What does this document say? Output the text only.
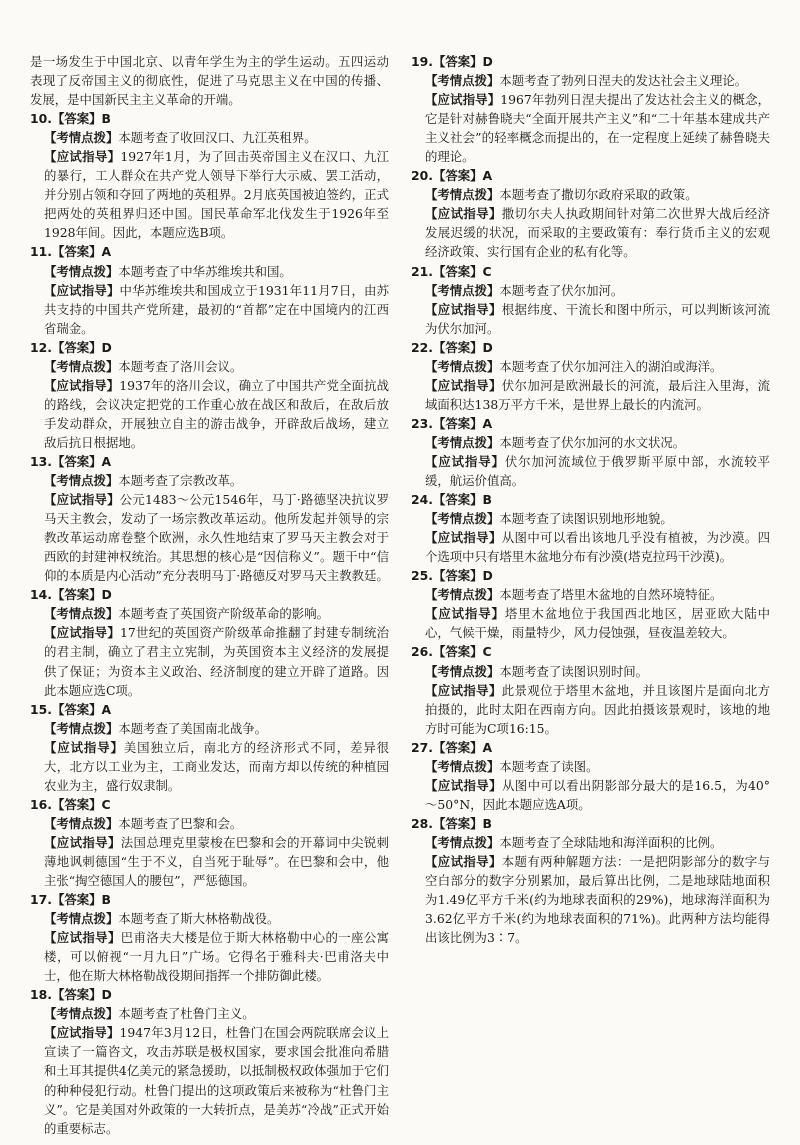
是一场发生于中国北京、以青年学生为主的学生运动。五四运动表现了反帝国主义的彻底性，促进了马克思主义在中国的传播、发展，是中国新民主主义革命的开端。

10. 【 答案 】 B

【 考情点拨 】 本题考查了收回汉口、九江英租界。

【 应试指导 】 1927年1月，为了回击英帝国主义在汉口、九江的暴行，工人群众在共产党人领导下举行大示威、罢工活动，并分别占领和夺回了两地的英租界。2月底英国被迫签约，正式把两处的英租界归还中国。国民革命军北伐发生于1926年至1928年间。因此，本题应选B项。

11. 【 答案 】 A

【 考情点拨 】 本题考查了中华苏维埃共和国。

【 应试指导 】 中华苏维埃共和国成立于1931年11月7日，由苏共支持的中国共产党所建，最初的“首都”定在中国境内的江西省瑞金。

12. 【 答案 】 D

【 考情点拨 】 本题考查了洛川会议。

【 应试指导 】 1937年的洛川会议，确立了中国共产党全面抗战的路线，会议决定把党的工作重心放在战区和敌后，在敌后放手发动群众，开展独立自主的游击战争，开辟敌后战场，建立敌后抗日根据地。

13. 【 答案 】 A

【 考情点拨 】 本题考查了宗教改革。

【 应试指导 】 公元1483～公元1546年，马丁·路德坚决抗议罗马天主教会，发动了一场宗教改革运动。他所发起并领导的宗教改革运动席卷整个欧洲，永久性地结束了罗马天主教会对于西欧的封建神权统治。其思想的核心是“因信称义”。题干中“信仰的本质是内心活动”充分表明马丁·路德反对罗马天主教教廷。

14. 【 答案 】 D

【 考情点拨 】 本题考查了英国资产阶级革命的影响。

【 应试指导 】 17世纪的英国资产阶级革命推翻了封建专制统治的君主制，确立了君主立宪制，为英国资本主义经济的发展提供了保证；为资本主义政治、经济制度的建立开辟了道路。因此本题应选C项。

15. 【 答案 】 A

【 考情点拨 】 本题考查了美国南北战争。

【 应试指导 】 美国独立后，南北方的经济形式不同，差异很大，北方以工业为主，工商业发达，而南方却以传统的种植园农业为主，盛行奴隶制。

16. 【 答案 】 C

【 考情点拨 】 本题考查了巴黎和会。

【 应试指导 】 法国总理克里蒙梭在巴黎和会的开幕词中尖锐刺薄地讽刺德国“生于不义，自当死于耻辱”。在巴黎和会中，他主张“掏空德国人的腰包”，严惩德国。

17. 【 答案 】 B

【 考情点拨 】 本题考查了斯大林格勒战役。

【 应试指导 】 巴甫洛夫大楼是位于斯大林格勒中心的一座公寓楼，可以俯视“一月九日”广场。它得名于雅科夫·巴甫洛夫中士，他在斯大林格勒战役期间指挥一个排防御此楼。

18. 【 答案 】 D

【 考情点拨 】 本题考查了杜鲁门主义。

【 应试指导 】 1947年3月12日，杜鲁门在国会两院联席会议上宣读了一篇咨文，攻击苏联是极权国家，要求国会批准向希腊和土耳其提供4亿美元的紧急援助，以抵制极权政体强加于它们的种种侵犯行动。杜鲁门提出的这项政策后来被称为“杜鲁门主义”。它是美国对外政策的一大转折点，是美苏“冷战”正式开始的重要标志。

19. 【 答案 】 D

【 考情点拨 】 本题考查了勃列日涅夫的发达社会主义理论。

【 应试指导 】 1967年勃列日涅夫提出了发达社会主义的概念，它是针对赫鲁晓夫“全面开展共产主义”和“二十年基本建成共产主义社会”的轻率概念而提出的，在一定程度上延续了赫鲁晓夫的理论。

20. 【 答案 】 A

【 考情点拨 】 本题考查了撒切尔政府采取的政策。

【 应试指导 】 撒切尔夫人执政期间针对第二次世界大战后经济发展迟缓的状况，而采取的主要政策有：奉行货币主义的宏观经济政策、实行国有企业的私有化等。

21. 【 答案 】 C

【 考情点拨 】 本题考查了伏尔加河。

【 应试指导 】 根据纬度、干流长和图中所示，可以判断该河流为伏尔加河。

22. 【 答案 】 D

【 考情点拨 】 本题考查了伏尔加河注入的湖泊或海洋。

【 应试指导 】 伏尔加河是欧洲最长的河流，最后注入里海，流域面积达138万平方千米，是世界上最长的内流河。

23. 【 答案 】 A

【 考情点拨 】 本题考查了伏尔加河的水文状况。

【 应试指导 】 伏尔加河流域位于俄罗斯平原中部，水流较平缓，航运价值高。

24. 【 答案 】 B

【 考情点拨 】 本题考查了读图识别地形地貌。

【 应试指导 】 从图中可以看出该地几乎没有植被，为沙漠。四个选项中只有塔里木盆地分布有沙漠(塔克拉玛干沙漠)。

25. 【 答案 】 D

【 考情点拨 】 本题考查了塔里木盆地的自然环境特征。

【 应试指导 】 塔里木盆地位于我国西北地区，居亚欧大陆中心，气候干燥，雨量特少，风力侵蚀强，昼夜温差较大。

26. 【 答案 】 C

【 考情点拨 】 本题考查了读图识别时间。

【 应试指导 】 此景观位于塔里木盆地，并且该图片是面向北方拍摄的，此时太阳在西南方向。因此拍摄该景观时，该地的地方时可能为C项16:15。

27. 【 答案 】 A

【 考情点拨 】 本题考查了读图。

【 应试指导 】 从图中可以看出阴影部分最大的是16.5，为40°～50°N，因此本题应选A项。

28. 【 答案 】 B

【 考情点拨 】 本题考查了全球陆地和海洋面积的比例。

【 应试指导 】 本题有两种解题方法：一是把阴影部分的数字与空白部分的数字分别累加，最后算出比例，二是地球陆地面积为1.49亿平方千米(约为地球表面积的29%)，地球海洋面积为3.62亿平方千米(约为地球表面积的71%)。此两种方法均能得出该比例为3∶7。
